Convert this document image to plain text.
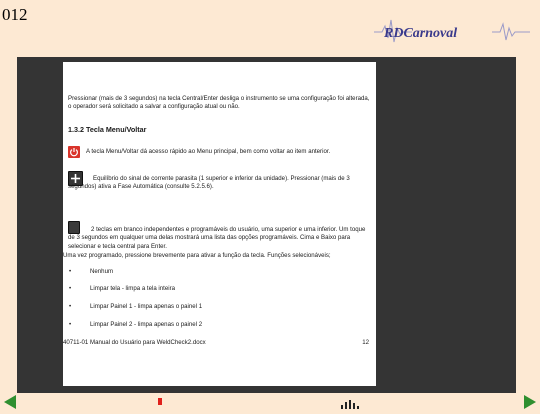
012
RDCarnoval
Pressionar (mais de 3 segundos) na tecla Central/Enter desliga o instrumento se uma configuração foi alterada, o operador será solicitado a salvar a configuração atual ou não.
1.3.2 Tecla Menu/Voltar
A tecla Menu/Voltar dá acesso rápido ao Menu principal, bem como voltar ao item anterior.
Equilíbrio do sinal de corrente parasita (1 superior e inferior da unidade). Pressionar (mais de 3 segundos) ativa a Fase Automática (consulte 5.2.5.6).
2 teclas em branco independentes e programáveis do usuário, uma superior e uma inferior. Um toque de 3 segundos em qualquer uma delas mostrará uma lista das opções programáveis. Cima e Baixo para selecionar e tecla central para Enter.
Uma vez programado, pressione brevemente para ativar a função da tecla. Funções selecionáveis;
•	Nenhum
•	Limpar tela - limpa a tela inteira
•	Limpar Painel 1 - limpa apenas o painel 1
•	Limpar Painel 2 - limpa apenas o painel 2
40711-01 Manual do Usuário para WeldCheck2.docx	12
